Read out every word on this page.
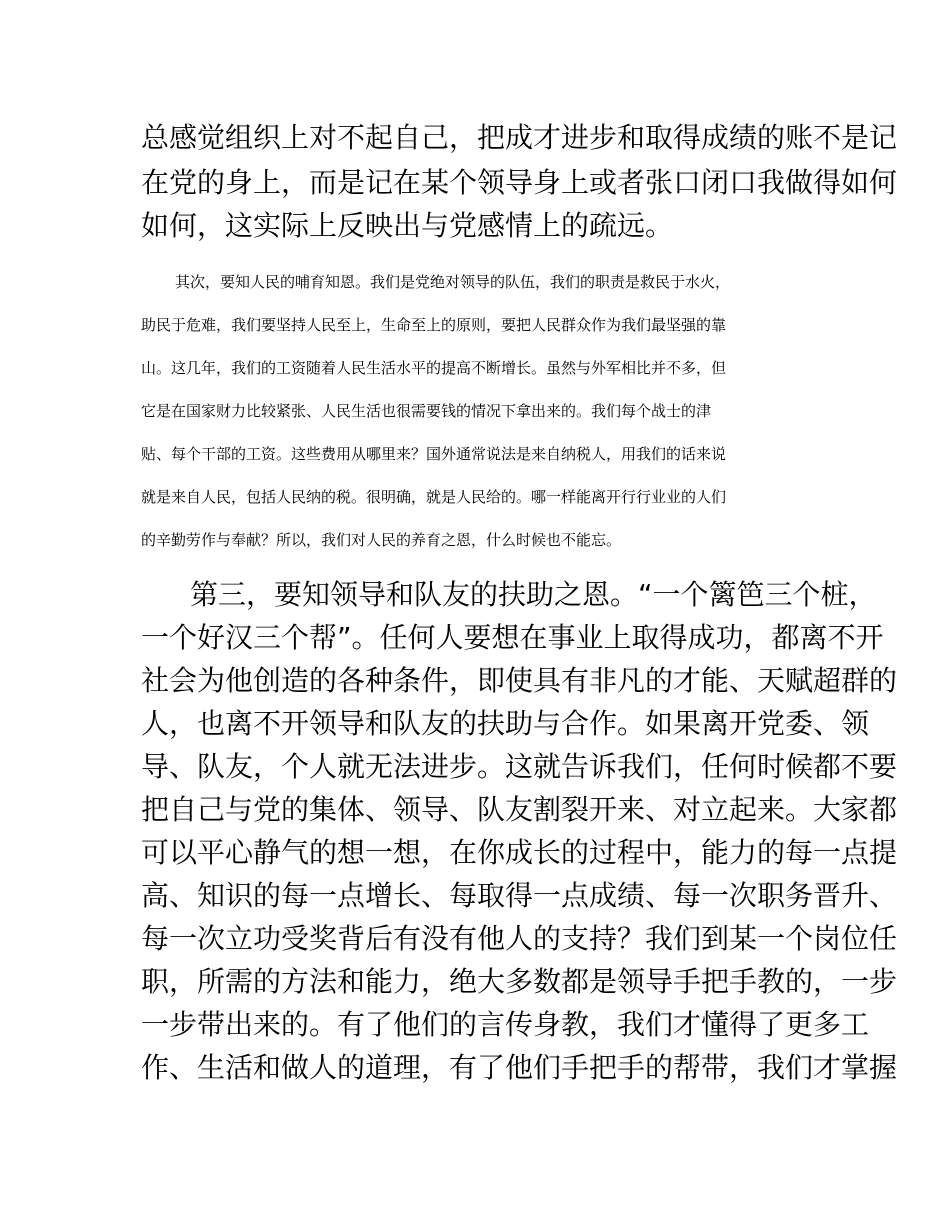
总感觉组织上对不起自己，把成才进步和取得成绩的账不是记

在党的身上，而是记在某个领导身上或者张口闭口我做得如何

如何，这实际上反映出与党感情上的疏远。

其次，要知人民的哺育知恩。我们是党绝对领导的队伍，我们的职责是救民于水火，

助民于危难，我们要坚持人民至上，生命至上的原则，要把人民群众作为我们最坚强的靠

山。这几年，我们的工资随着人民生活水平的提高不断增长。虽然与外军相比并不多，但

它是在国家财力比较紧张、人民生活也很需要钱的情况下拿出来的。我们每个战士的津

贴、每个干部的工资。这些费用从哪里来？国外通常说法是来自纳税人，用我们的话来说

就是来自人民，包括人民纳的税。很明确，就是人民给的。哪一样能离开行行业业的人们

的辛勤劳作与奉献？所以，我们对人民的养育之恩，什么时候也不能忘。

第三，要知领导和队友的扶助之恩。“一个篱笆三个桩，

一个好汉三个帮”。任何人要想在事业上取得成功，都离不开

社会为他创造的各种条件，即使具有非凡的才能、天赋超群的

人，也离不开领导和队友的扶助与合作。如果离开党委、领

导、队友，个人就无法进步。这就告诉我们，任何时候都不要

把自己与党的集体、领导、队友割裂开来、对立起来。大家都

可以平心静气的想一想，在你成长的过程中，能力的每一点提

高、知识的每一点增长、每取得一点成绩、每一次职务晋升、

每一次立功受奖背后有没有他人的支持？我们到某一个岗位任

职，所需的方法和能力，绝大多数都是领导手把手教的，一步

一步带出来的。有了他们的言传身教，我们才懂得了更多工

作、生活和做人的道理，有了他们手把手的帮带，我们才掌握
